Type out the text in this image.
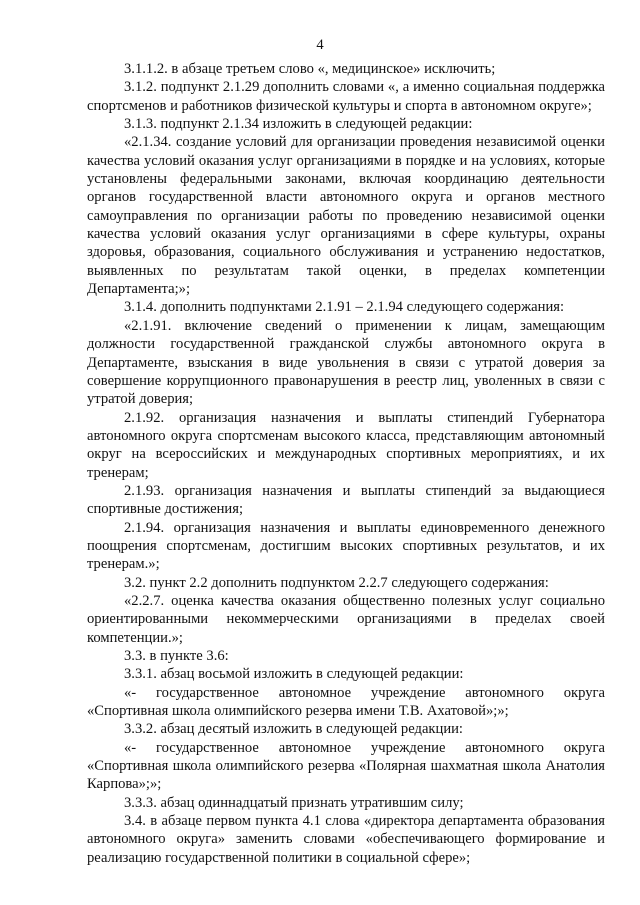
4

3.1.1.2. в абзаце третьем слово «, медицинское» исключить;

3.1.2. подпункт 2.1.29 дополнить словами «, а именно социальная поддержка спортсменов и работников физической культуры и спорта в автономном округе»;

3.1.3. подпункт 2.1.34 изложить в следующей редакции:

«2.1.34. создание условий для организации проведения независимой оценки качества условий оказания услуг организациями в порядке и на условиях, которые установлены федеральными законами, включая координацию деятельности органов государственной власти автономного округа и органов местного самоуправления по организации работы по проведению независимой оценки качества условий оказания услуг организациями в сфере культуры, охраны здоровья, образования, социального обслуживания и устранению недостатков, выявленных по результатам такой оценки, в пределах компетенции Департамента;»;

3.1.4. дополнить подпунктами 2.1.91 – 2.1.94 следующего содержания:

«2.1.91. включение сведений о применении к лицам, замещающим должности государственной гражданской службы автономного округа в Департаменте, взыскания в виде увольнения в связи с утратой доверия за совершение коррупционного правонарушения в реестр лиц, уволенных в связи с утратой доверия;

2.1.92. организация назначения и выплаты стипендий Губернатора автономного округа спортсменам высокого класса, представляющим автономный округ на всероссийских и международных спортивных мероприятиях, и их тренерам;

2.1.93. организация назначения и выплаты стипендий за выдающиеся спортивные достижения;

2.1.94. организация назначения и выплаты единовременного денежного поощрения спортсменам, достигшим высоких спортивных результатов, и их тренерам.»;

3.2. пункт 2.2 дополнить подпунктом 2.2.7 следующего содержания:

«2.2.7. оценка качества оказания общественно полезных услуг социально ориентированными некоммерческими организациями в пределах своей компетенции.»;

3.3. в пункте 3.6:

3.3.1. абзац восьмой изложить в следующей редакции:

«- государственное автономное учреждение автономного округа «Спортивная школа олимпийского резерва имени Т.В. Ахатовой»;»;

3.3.2. абзац десятый изложить в следующей редакции:

«- государственное автономное учреждение автономного округа «Спортивная школа олимпийского резерва «Полярная шахматная школа Анатолия Карпова»;»;

3.3.3. абзац одиннадцатый признать утратившим силу;

3.4. в абзаце первом пункта 4.1 слова «директора департамента образования автономного округа» заменить словами «обеспечивающего формирование и реализацию государственной политики в социальной сфере»;
